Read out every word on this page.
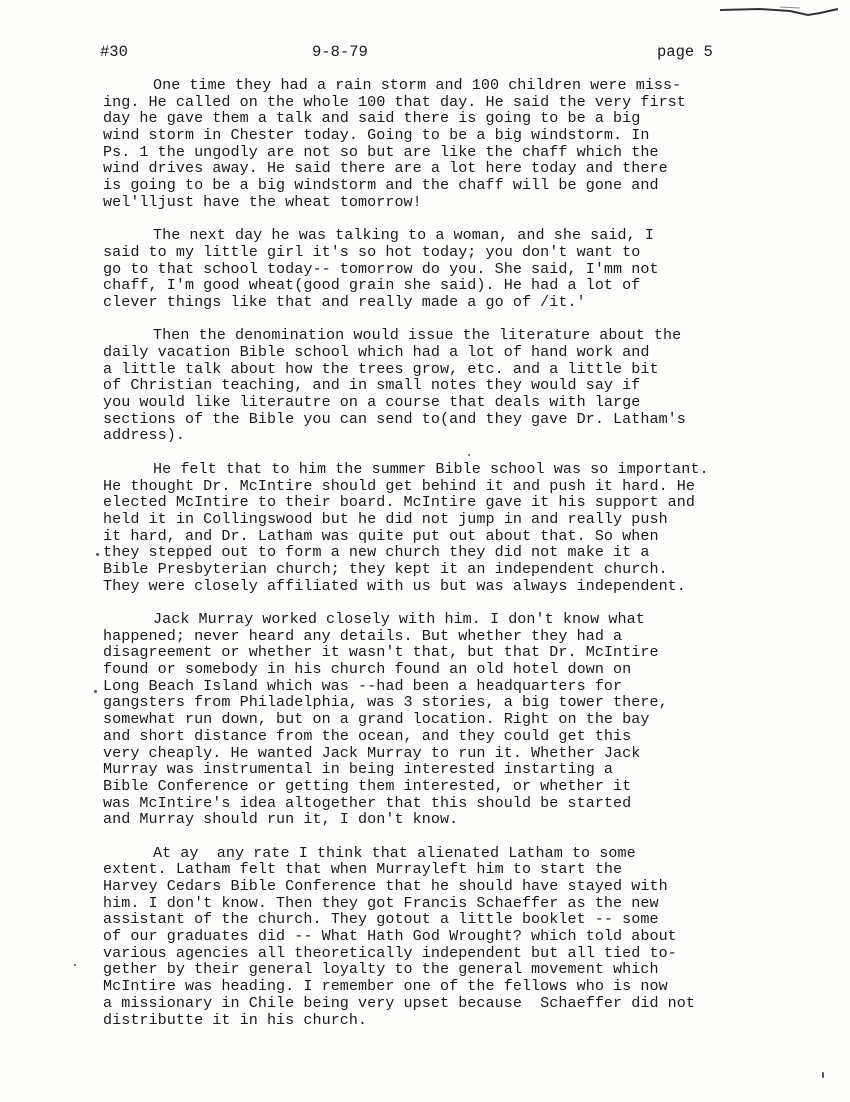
#30	9-8-79	page 5
One time they had a rain storm and 100 children were miss-
ing. He called on the whole 100 that day. He said the very first
day he gave them a talk and said there is going to be a big
wind storm in Chester today. Going to be a big windstorm. In
Ps. 1 the ungodly are not so but are like the chaff which the
wind drives away. He said there are a lot here today and there
is going to be a big windstorm and the chaff will be gone and
wel'lljust have the wheat tomorrow!
The next day he was talking to a woman, and she said, I
said to my little girl it's so hot today; you don't want to
go to that school today-- tomorrow do you. She said, I'mm not
chaff, I'm good wheat(good grain she said). He had a lot of
clever things like that and really made a go of /it.'
Then the denomination would issue the literature about the
daily vacation Bible school which had a lot of hand work and
a little talk about how the trees grow, etc. and a little bit
of Christian teaching, and in small notes they would say if
you would like literautre on a course that deals with large
sections of the Bible you can send to(and they gave Dr. Latham's
address).
He felt that to him the summer Bible school was so important.
He thought Dr. McIntire should get behind it and push it hard. He
elected McIntire to their board. McIntire gave it his support and
held it in Collingswood but he did not jump in and really push
it hard, and Dr. Latham was quite put out about that. So when
they stepped out to form a new church they did not make it a
Bible Presbyterian church; they kept it an independent church.
They were closely affiliated with us but was always independent.
Jack Murray worked closely with him. I don't know what
happened; never heard any details. But whether they had a
disagreement or whether it wasn't that, but that Dr. McIntire
found or somebody in his church found an old hotel down on
Long Beach Island which was --had been a headquarters for
gangsters from Philadelphia, was 3 stories, a big tower there,
somewhat run down, but on a grand location. Right on the bay
and short distance from the ocean, and they could get this
very cheaply. He wanted Jack Murray to run it. Whether Jack
Murray was instrumental in being interested instarting a
Bible Conference or getting them interested, or whether it
was McIntire's idea altogether that this should be started
and Murray should run it, I don't know.
At ay  any rate I think that alienated Latham to some
extent. Latham felt that when Murrayleft him to start the
Harvey Cedars Bible Conference that he should have stayed with
him. I don't know. Then they got Francis Schaeffer as the new
assistant of the church. They gotout a little booklet -- some
of our graduates did -- What Hath God Wrought? which told about
various agencies all theoretically independent but all tied to-
gether by their general loyalty to the general movement which
McIntire was heading. I remember one of the fellows who is now
a missionary in Chile being very upset because  Schaeffer did not
distributte it in his church.
